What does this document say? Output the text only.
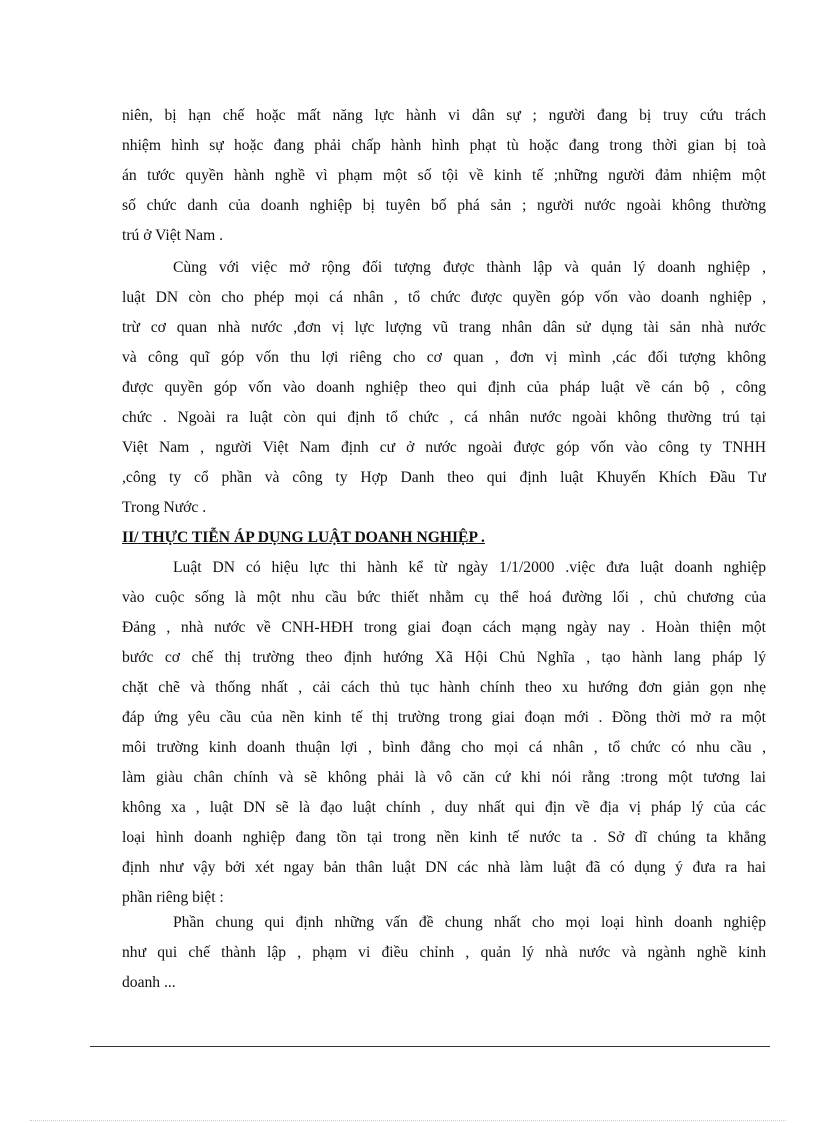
niên, bị hạn chế hoặc mất năng lực hành vi dân sự ; người đang bị truy cứu trách
nhiệm hình sự hoặc đang phải chấp hành hình phạt tù hoặc đang trong thời gian bị toà
án tước quyền hành nghề vì phạm một số tội về kinh tế ;những người đảm nhiệm một
số chức danh của doanh nghiệp bị tuyên bố phá sản ; người nước ngoài không thường
trú ở Việt Nam .
Cùng với việc mở rộng đối tượng được thành lập và quản lý doanh nghiệp ,
luật DN còn cho phép mọi cá nhân , tổ chức được quyền góp vốn vào doanh nghiệp ,
trừ cơ quan nhà nước ,đơn vị lực lượng vũ trang nhân dân sử dụng tài sản nhà nước
và công quĩ góp vốn thu lợi riêng cho cơ quan , đơn vị mình ,các đối tượng không
được quyền góp vốn vào doanh nghiệp theo qui định của pháp luật về cán bộ , công
chức . Ngoài ra luật còn qui định tổ chức , cá nhân nước ngoài không thường trú tại
Việt Nam , người Việt Nam định cư ở nước ngoài được góp vốn vào công ty TNHH
,công ty cổ phần và công ty Hợp Danh theo qui định luật Khuyến Khích Đầu Tư
Trong Nước .
II/ THỰC TIỄN ÁP DỤNG LUẬT DOANH NGHIỆP .
Luật DN có hiệu lực thi hành kể từ ngày 1/1/2000 .việc đưa luật doanh nghiệp
vào cuộc sống là một nhu cầu bức thiết nhằm cụ thể hoá đường lối , chủ chương của
Đảng , nhà nước về CNH-HĐH trong giai đoạn cách mạng ngày nay . Hoàn thiện một
bước cơ chế thị trường theo định hướng Xã Hội Chủ Nghĩa , tạo hành lang pháp lý
chặt chẽ và thống nhất , cải cách thủ tục hành chính theo xu hướng đơn giản gọn nhẹ
đáp ứng yêu cầu của nền kinh tế thị trường trong giai đoạn mới . Đồng thời mở ra một
môi trường kinh doanh thuận lợi , bình đẳng cho mọi cá nhân , tổ chức có nhu cầu ,
làm giàu chân chính và sẽ không phải là vô căn cứ khi nói rằng :trong một tương lai
không xa , luật DN sẽ là đạo luật chính , duy nhất qui địn về địa vị pháp lý của các
loại hình doanh nghiệp đang tồn tại trong nền kinh tế nước ta . Sở dĩ chúng ta khẳng
định như vậy bởi xét ngay bản thân luật DN các nhà làm luật đã có dụng ý đưa ra hai
phần riêng biệt :
Phần chung qui định những vấn đề chung nhất cho mọi loại hình doanh nghiệp
như qui chế thành lập , phạm vi điều chỉnh , quản lý nhà nước và ngành nghề kinh
doanh ...
